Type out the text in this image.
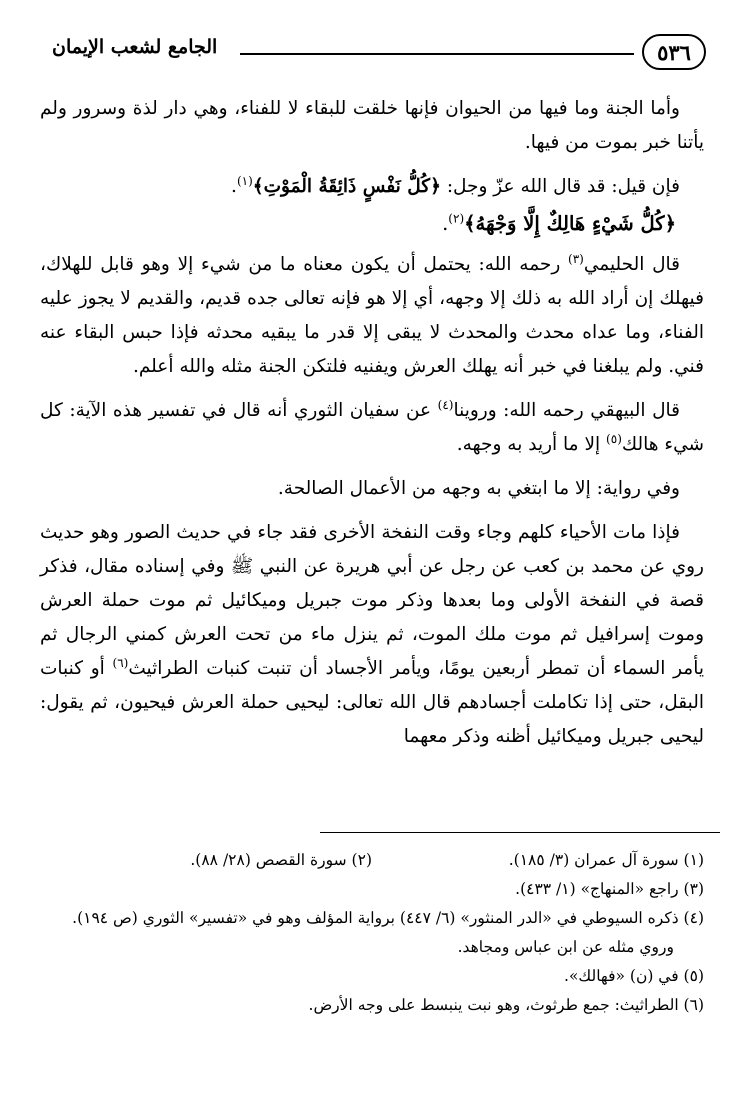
٥٣٦
الجامع لشعب الإيمان

وأما الجنة وما فيها من الحيوان فإنها خلقت للبقاء لا للفناء، وهي دار لذة وسرور ولم يأتنا خبر بموت من فيها.

فإن قيل: قد قال الله عزّ وجل: ﴿كُلُّ نَفْسٍ ذَائِقَةُ الْمَوْتِ﴾$^{(١)}$.

﴿كُلُّ شَيْءٍ هَالِكٌ إِلَّا وَجْهَهُ﴾$^{(٢)}$.

قال الحليمي$^{(٣)}$ رحمه الله: يحتمل أن يكون معناه ما من شيء إلا وهو قابل للهلاك، فيهلك إن أراد الله به ذلك إلا وجهه، أي إلا هو فإنه تعالى جده قديم، والقديم لا يجوز عليه الفناء، وما عداه محدث والمحدث لا يبقى إلا قدر ما يبقيه محدثه فإذا حبس البقاء عنه فني. ولم يبلغنا في خبر أنه يهلك العرش ويفنيه فلتكن الجنة مثله والله أعلم.

قال البيهقي رحمه الله: وروينا$^{(٤)}$ عن سفيان الثوري أنه قال في تفسير هذه الآية: كل شيء هالك$^{(٥)}$ إلا ما أريد به وجهه.

وفي رواية: إلا ما ابتغي به وجهه من الأعمال الصالحة.

فإذا مات الأحياء كلهم وجاء وقت النفخة الأخرى فقد جاء في حديث الصور وهو حديث روي عن محمد بن كعب عن رجل عن أبي هريرة عن النبي ﷺ وفي إسناده مقال، فذكر قصة في النفخة الأولى وما بعدها وذكر موت جبريل وميكائيل ثم موت حملة العرش وموت إسرافيل ثم موت ملك الموت، ثم ينزل ماء من تحت العرش كمني الرجال ثم يأمر السماء أن تمطر أربعين يومًا، ويأمر الأجساد أن تنبت كنبات الطراثيث$^{(٦)}$ أو كنبات البقل، حتى إذا تكاملت أجسادهم قال الله تعالى: ليحيى حملة العرش فيحيون، ثم يقول: ليحيى جبريل وميكائيل أظنه وذكر معهما

(١) سورة آل عمران (٣/ ١٨٥).
(٢) سورة القصص (٢٨/ ٨٨).
(٣) راجع «المنهاج» (١/ ٤٣٣).
(٤) ذكره السيوطي في «الدر المنثور» (٦/ ٤٤٧) برواية المؤلف وهو في «تفسير» الثوري (ص ١٩٤).
وروي مثله عن ابن عباس ومجاهد.
(٥) في (ن) «فهالك».
(٦) الطراثيث: جمع طرثوث، وهو نبت ينبسط على وجه الأرض.
